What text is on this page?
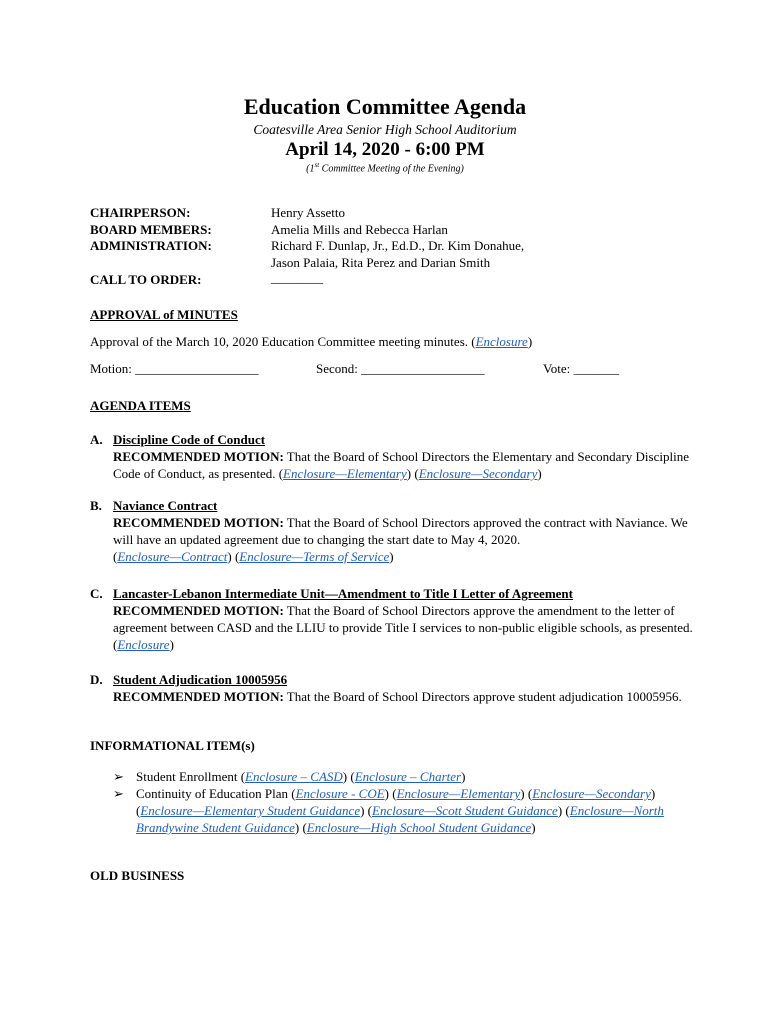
Education Committee Agenda
Coatesville Area Senior High School Auditorium
April 14, 2020 - 6:00 PM
(1st Committee Meeting of the Evening)
CHAIRPERSON:	Henry Assetto
BOARD MEMBERS:	Amelia Mills and Rebecca Harlan
ADMINISTRATION:	Richard F. Dunlap, Jr., Ed.D., Dr. Kim Donahue,
Jason Palaia, Rita Perez and Darian Smith
CALL TO ORDER:	________
APPROVAL of MINUTES
Approval of the March 10, 2020 Education Committee meeting minutes. (Enclosure)
Motion: ___________________	Second: ___________________	Vote: _______
AGENDA ITEMS
A. Discipline Code of Conduct
RECOMMENDED MOTION: That the Board of School Directors the Elementary and Secondary Discipline Code of Conduct, as presented. (Enclosure—Elementary) (Enclosure—Secondary)
B. Naviance Contract
RECOMMENDED MOTION: That the Board of School Directors approved the contract with Naviance. We will have an updated agreement due to changing the start date to May 4, 2020.
(Enclosure—Contract) (Enclosure—Terms of Service)
C. Lancaster-Lebanon Intermediate Unit—Amendment to Title I Letter of Agreement
RECOMMENDED MOTION: That the Board of School Directors approve the amendment to the letter of agreement between CASD and the LLIU to provide Title I services to non-public eligible schools, as presented. (Enclosure)
D. Student Adjudication 10005956
RECOMMENDED MOTION: That the Board of School Directors approve student adjudication 10005956.
INFORMATIONAL ITEM(s)
➢ Student Enrollment (Enclosure – CASD) (Enclosure – Charter)
➢ Continuity of Education Plan (Enclosure - COE) (Enclosure—Elementary) (Enclosure—Secondary) (Enclosure—Elementary Student Guidance) (Enclosure—Scott Student Guidance) (Enclosure—North Brandywine Student Guidance) (Enclosure—High School Student Guidance)
OLD BUSINESS
